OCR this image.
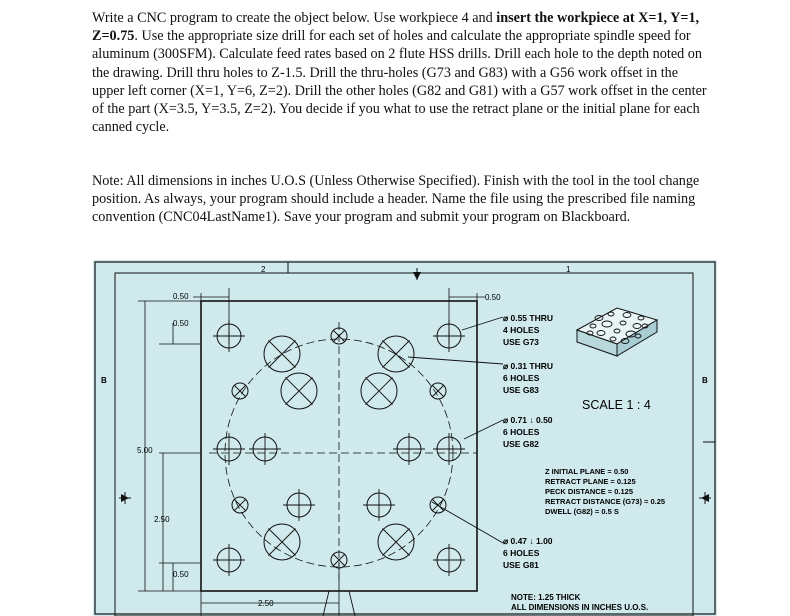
Write a CNC program to create the object below. Use workpiece 4 and insert the workpiece at X=1, Y=1, Z=0.75. Use the appropriate size drill for each set of holes and calculate the appropriate spindle speed for aluminum (300SFM). Calculate feed rates based on 2 flute HSS drills. Drill each hole to the depth noted on the drawing. Drill thru holes to Z-1.5. Drill the thru-holes (G73 and G83) with a G56 work offset in the upper left corner (X=1, Y=6, Z=2). Drill the other holes (G82 and G81) with a G57 work offset in the center of the part (X=3.5, Y=3.5, Z=2). You decide if you what to use the retract plane or the initial plane for each canned cycle.
Note: All dimensions in inches U.O.S (Unless Otherwise Specified). Finish with the tool in the tool change position. As always, your program should include a header. Name the file using the prescribed file naming convention (CNC04LastName1). Save your program and submit your program on Blackboard.
2	1
B	B
0.50
0.50
0.50
5.00
2.50
0.50
2.50
⌀ 0.55 THRU
4 HOLES
USE G73
⌀ 0.31 THRU
6 HOLES
USE G83
⌀ 0.71 ↓ 0.50
6 HOLES
USE G82
⌀ 0.47 ↓ 1.00
6 HOLES
USE G81
SCALE 1 : 4
Z INITIAL PLANE = 0.50
RETRACT PLANE = 0.125
PECK DISTANCE = 0.125
RETRACT DISTANCE (G73) = 0.25
DWELL (G82) = 0.5 S
NOTE: 1.25 THICK
ALL DIMENSIONS IN INCHES U.O.S.
